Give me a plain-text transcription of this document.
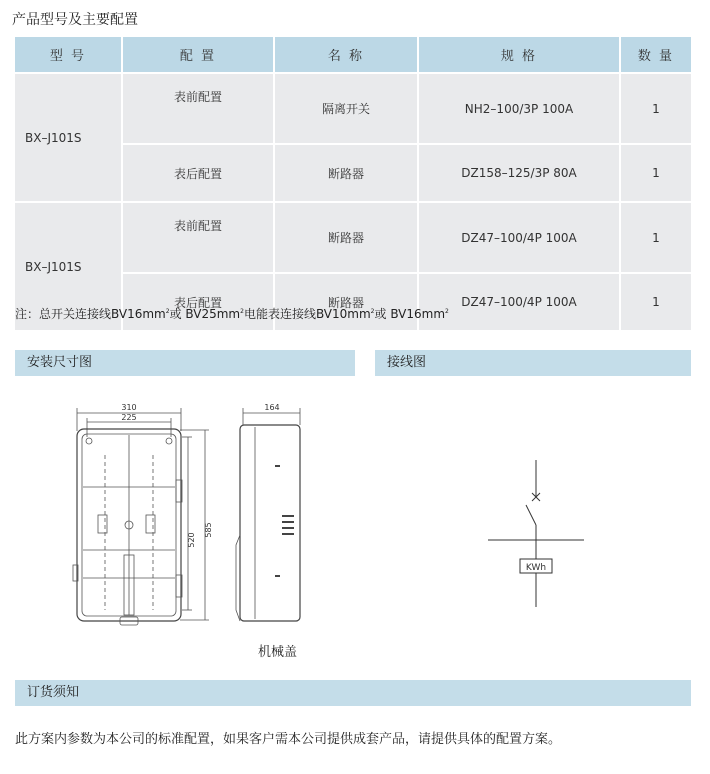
产品型号及主要配置
型 号	配 置	名 称	规 格	数 量
BX–J101S	表前配置	隔离开关	NH2–100/3P 100A	1
	表后配置	断路器	DZ158–125/3P 80A	1
BX–J101S	表前配置	断路器	DZ47–100/4P 100A	1
	表后配置	断路器	DZ47–100/4P 100A	1
注：总开关连接线$BV16mm^2$或 $BV25mm^2$电能表连接线$BV10mm^2$或 $BV16mm^2$
安装尺寸图	接线图
310
225
520
585
164
机械盖
KWh
订货须知
此方案内参数为本公司的标准配置，如果客户需本公司提供成套产品，请提供具体的配置方案。
